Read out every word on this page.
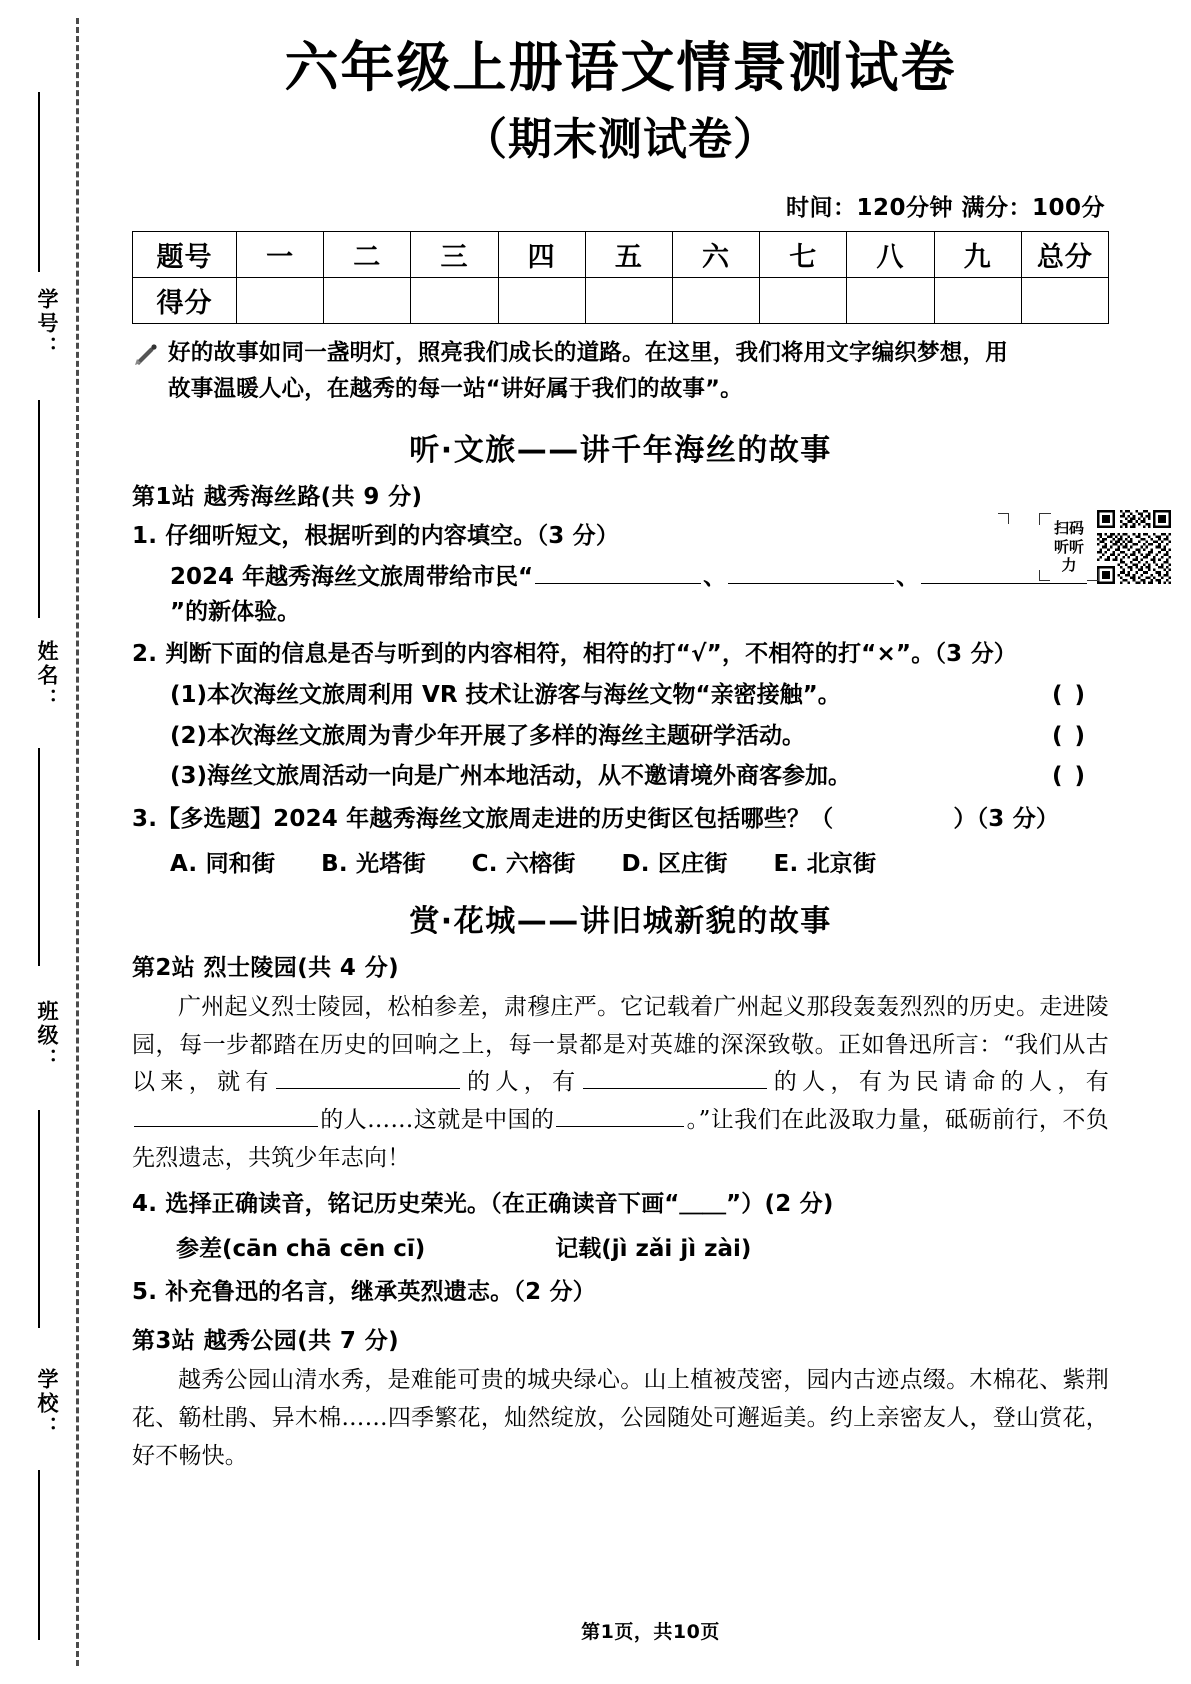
学号：
姓名：
班级：
学校：
六年级上册语文情景测试卷
（期末测试卷）
时间：120分钟 满分：100分
题号	一	二	三	四	五	六	七	八	九	总分
得分										
好的故事如同一盏明灯，照亮我们成长的道路。在这里，我们将用文字编织梦想，用
故事温暖人心，在越秀的每一站“讲好属于我们的故事”。
听·文旅——讲千年海丝的故事
第1站 越秀海丝路(共 9 分)
扫码
听听力
1. 仔细听短文，根据听到的内容填空。（3 分）
2024 年越秀海丝文旅周带给市民“	、	、”的新体验。
2. 判断下面的信息是否与听到的内容相符，相符的打“√”，不相符的打“×”。（3 分）
(1)本次海丝文旅周利用 VR 技术让游客与海丝文物“亲密接触”。	( )
(2)本次海丝文旅周为青少年开展了多样的海丝主题研学活动。	( )
(3)海丝文旅周活动一向是广州本地活动，从不邀请境外商客参加。	( )
3.【多选题】2024 年越秀海丝文旅周走进的历史街区包括哪些？（	）（3 分）
A. 同和街 B. 光塔街 C. 六榕街 D. 区庄街 E. 北京街
赏·花城——讲旧城新貌的故事
第2站 烈士陵园(共 4 分)

广州起义烈士陵园，松柏参差，肃穆庄严。它记载着广州起义那段轰轰烈烈的历史。走进陵园，每一步都踏在历史的回响之上，每一景都是对英雄的深深致敬。正如鲁迅所言：“我们从古以来，就有	的人，有	的人，有为民请命的人，有的人……这就是中国的	。”让我们在此汲取力量，砥砺前行，不负先烈遗志，共筑少年志向！

4. 选择正确读音，铭记历史荣光。（在正确读音下画“＿＿”）(2 分)
参差(cān chā cēn cī)	记载(jì zǎi jì zài)
5. 补充鲁迅的名言，继承英烈遗志。（2 分）
第3站 越秀公园(共 7 分)

越秀公园山清水秀，是难能可贵的城央绿心。山上植被茂密，园内古迹点缀。木棉花、紫荆花、簕杜鹃、异木棉……四季繁花，灿然绽放，公园随处可邂逅美。约上亲密友人，登山赏花，好不畅快。

第1页，共10页
